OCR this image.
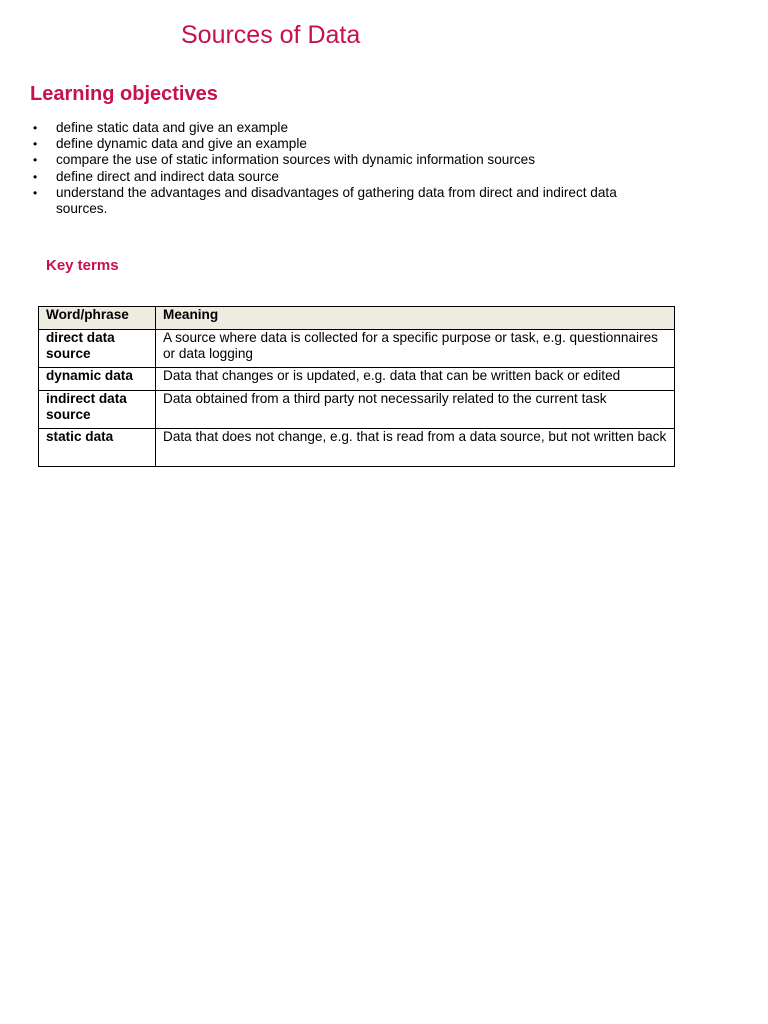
Sources of Data
Learning objectives
• define static data and give an example
• define dynamic data and give an example
• compare the use of static information sources with dynamic information sources
• define direct and indirect data source
• understand the advantages and disadvantages of gathering data from direct and indirect data sources.
Key terms
Word/phrase	Meaning
direct data source	A source where data is collected for a specific purpose or task, e.g. questionnaires or data logging
dynamic data	Data that changes or is updated, e.g. data that can be written back or edited
indirect data source	Data obtained from a third party not necessarily related to the current task
static data	Data that does not change, e.g. that is read from a data source, but not written back
